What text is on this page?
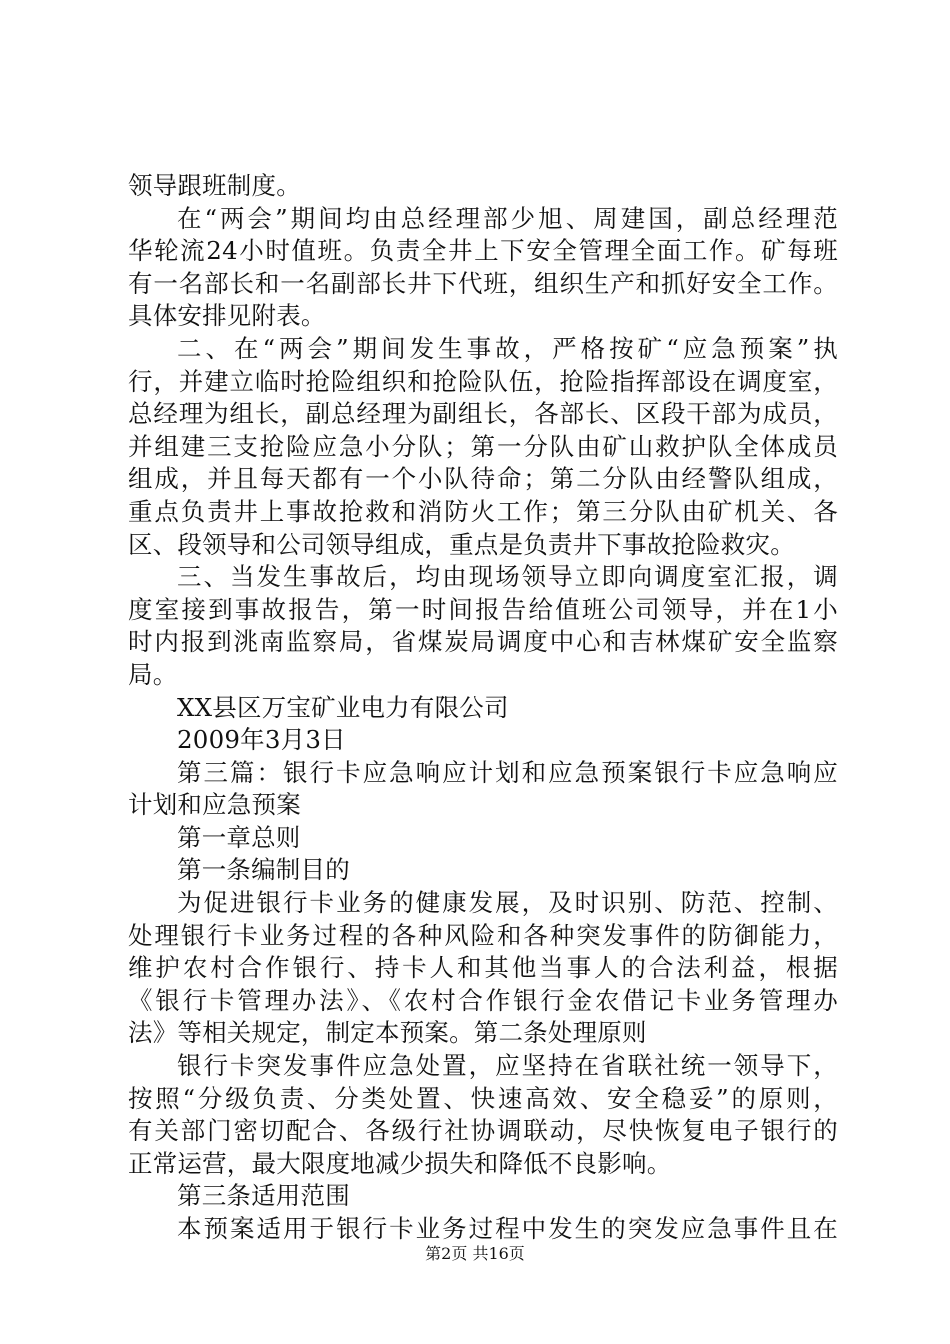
领导跟班制度。
在“两会”期间均由总经理部少旭、周建国，副总经理范
华轮流24小时值班。负责全井上下安全管理全面工作。矿每班
有一名部长和一名副部长井下代班，组织生产和抓好安全工作。
具体安排见附表。
二、在“两会”期间发生事故，严格按矿“应急预案”执
行，并建立临时抢险组织和抢险队伍，抢险指挥部设在调度室，
总经理为组长，副总经理为副组长，各部长、区段干部为成员，
并组建三支抢险应急小分队；第一分队由矿山救护队全体成员
组成，并且每天都有一个小队待命；第二分队由经警队组成，
重点负责井上事故抢救和消防火工作；第三分队由矿机关、各
区、段领导和公司领导组成，重点是负责井下事故抢险救灾。
三、当发生事故后，均由现场领导立即向调度室汇报，调
度室接到事故报告，第一时间报告给值班公司领导，并在1小
时内报到洮南监察局，省煤炭局调度中心和吉林煤矿安全监察
局。
XX县区万宝矿业电力有限公司
2009年3月3日
第三篇：银行卡应急响应计划和应急预案银行卡应急响应
计划和应急预案
第一章总则
第一条编制目的
为促进银行卡业务的健康发展，及时识别、防范、控制、
处理银行卡业务过程的各种风险和各种突发事件的防御能力，
维护农村合作银行、持卡人和其他当事人的合法利益，根据
《银行卡管理办法》、《农村合作银行金农借记卡业务管理办
法》等相关规定，制定本预案。第二条处理原则
银行卡突发事件应急处置，应坚持在省联社统一领导下，
按照“分级负责、分类处置、快速高效、安全稳妥”的原则，
有关部门密切配合、各级行社协调联动，尽快恢复电子银行的
正常运营，最大限度地减少损失和降低不良影响。
第三条适用范围
本预案适用于银行卡业务过程中发生的突发应急事件且在
第2页 共16页
